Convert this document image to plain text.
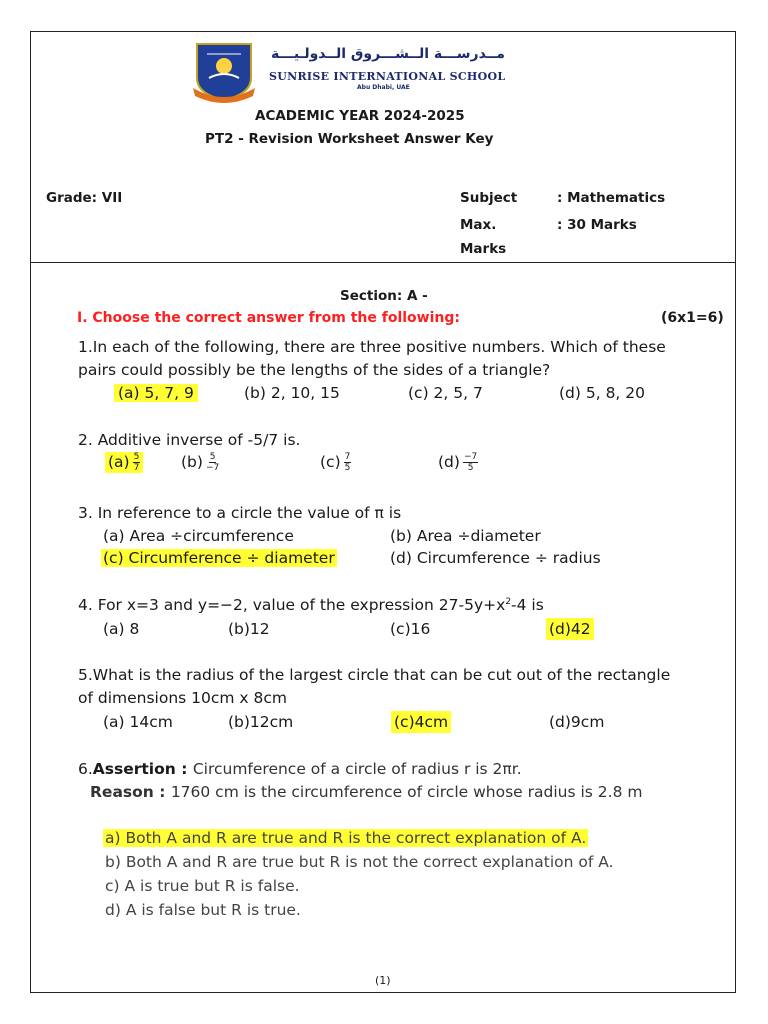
مــدرســـة الــشـــروق الــدولـيـــة
SUNRISE INTERNATIONAL SCHOOL
Abu Dhabi, UAE
ACADEMIC YEAR 2024-2025
PT2 - Revision Worksheet Answer Key
Grade: VII	Subject	: Mathematics
Max.	: 30 Marks
Marks
Section: A -
I. Choose the correct answer from the following:	(6x1=6)
1.In each of the following, there are three positive numbers. Which of these
pairs could possibly be the lengths of the sides of a triangle?
(a) 5, 7, 9	(b) 2, 10, 15	(c) 2, 5, 7	(d) 5, 8, 20
2. Additive inverse of -5/7 is.
$(a) \frac{5}{7}$	$(b) \frac{5}{-7}$	$(c) \frac{7}{5}$	$(d) \frac{-7}{5}$
3. In reference to a circle the value of π is
(a) Area ÷circumference	(b) Area ÷diameter
(c) Circumference ÷ diameter	(d) Circumference ÷ radius
4. For x=3 and y=−2, value of the expression $27-5y+x^2-4$ is
(a) 8	(b)12	(c)16	(d)42
5.What is the radius of the largest circle that can be cut out of the rectangle
of dimensions 10cm x 8cm
(a) 14cm	(b)12cm	(c)4cm	(d)9cm
6.Assertion : Circumference of a circle of radius r is 2πr.
Reason : 1760 cm is the circumference of circle whose radius is 2.8 m
a) Both A and R are true and R is the correct explanation of A.
b) Both A and R are true but R is not the correct explanation of A.
c) A is true but R is false.
d) A is false but R is true.
(1)
